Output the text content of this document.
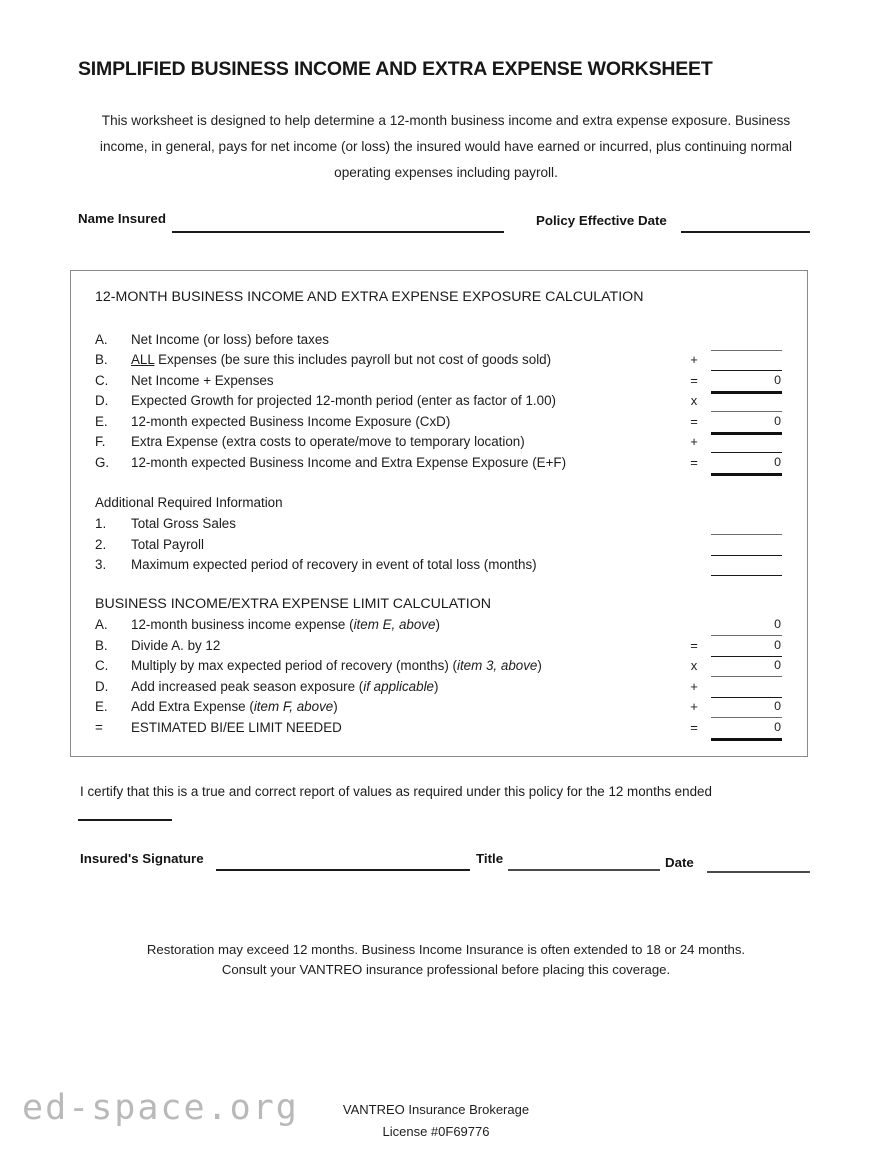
SIMPLIFIED BUSINESS INCOME AND EXTRA EXPENSE WORKSHEET
This worksheet is designed to help determine a 12-month business income and extra expense exposure. Business income, in general, pays for net income (or loss) the insured would have earned or incurred, plus continuing normal operating expenses including payroll.
Name Insured	Policy Effective Date
12-MONTH BUSINESS INCOME AND EXTRA EXPENSE EXPOSURE CALCULATION
A.	Net Income (or loss) before taxes
B.	ALL Expenses (be sure this includes payroll but not cost of goods sold)	+
C.	Net Income + Expenses	=	0
D.	Expected Growth for projected 12-month period (enter as factor of 1.00)	x
E.	12-month expected Business Income Exposure (CxD)	=	0
F.	Extra Expense (extra costs to operate/move to temporary location)	+
G.	12-month expected Business Income and Extra Expense Exposure (E+F)	=	0
Additional Required Information
1.	Total Gross Sales
2.	Total Payroll
3.	Maximum expected period of recovery in event of total loss (months)
BUSINESS INCOME/EXTRA EXPENSE LIMIT CALCULATION
A.	12-month business income expense (item E, above)	0
B.	Divide A. by 12	=	0
C.	Multiply by max expected period of recovery (months) (item 3, above)	x	0
D.	Add increased peak season exposure (if applicable)	+
E.	Add Extra Expense (item F, above)	+	0
=	ESTIMATED BI/EE LIMIT NEEDED	=	0
I certify that this is a true and correct report of values as required under this policy for the 12 months ended
Insured's Signature	Title	Date
Restoration may exceed 12 months. Business Income Insurance is often extended to 18 or 24 months.
Consult your VANTREO insurance professional before placing this coverage.
ed-space.org	VANTREO Insurance Brokerage
License #0F69776
